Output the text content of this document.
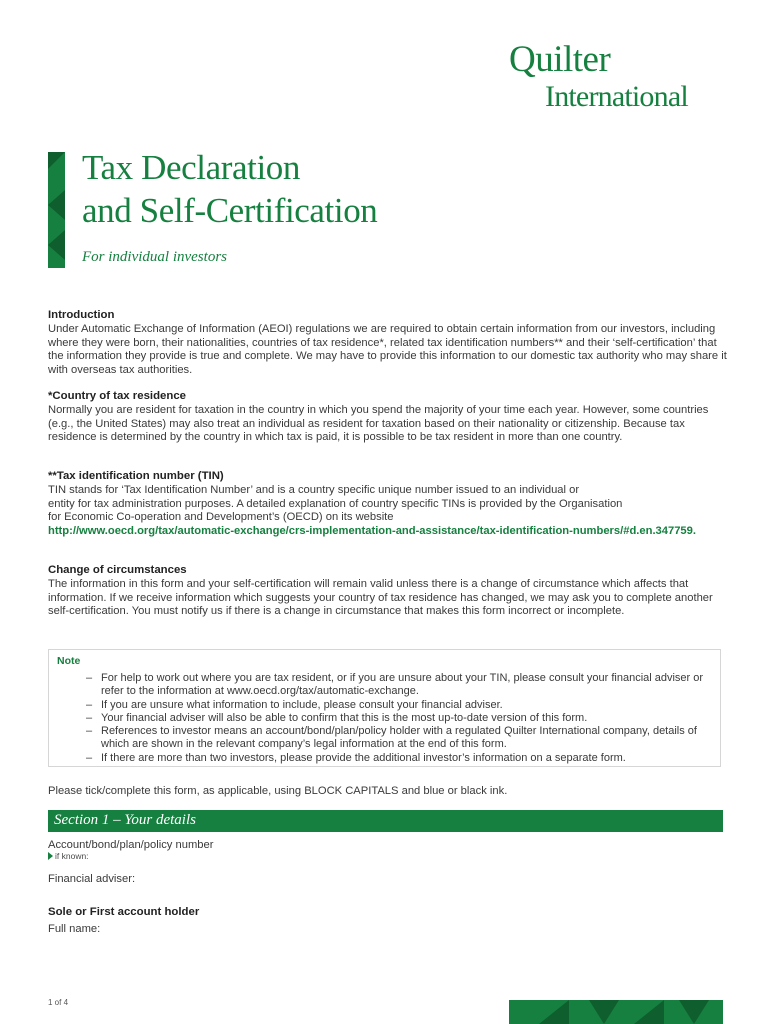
Quilter
International
Tax Declaration
and Self-Certification
For individual investors
Introduction

Under Automatic Exchange of Information (AEOI) regulations we are required to obtain certain information from our investors, including where they were born, their nationalities, countries of tax residence*, related tax identification numbers** and their ‘self-certification’ that the information they provide is true and complete. We may have to provide this information to our domestic tax authority who may share it with overseas tax authorities.

*Country of tax residence

Normally you are resident for taxation in the country in which you spend the majority of your time each year. However, some countries (e.g., the United States) may also treat an individual as resident for taxation based on their nationality or citizenship. Because tax residence is determined by the country in which tax is paid, it is possible to be tax resident in more than one country.

**Tax identification number (TIN)
TIN stands for ‘Tax Identification Number’ and is a country specific unique number issued to an individual or
entity for tax administration purposes. A detailed explanation of country specific TINs is provided by the Organisation
for Economic Co-operation and Development’s (OECD) on its website
http://www.oecd.org/tax/automatic-exchange/crs-implementation-and-assistance/tax-identification-numbers/#d.en.347759.
Change of circumstances

The information in this form and your self-certification will remain valid unless there is a change of circumstance which affects that information. If we receive information which suggests your country of tax residence has changed, we may ask you to complete another self-certification. You must notify us if there is a change in circumstance that makes this form incorrect or incomplete.

Note
– For help to work out where you are tax resident, or if you are unsure about your TIN, please consult your financial adviser or refer to the information at www.oecd.org/tax/automatic-exchange.
– If you are unsure what information to include, please consult your financial adviser.
– Your financial adviser will also be able to confirm that this is the most up-to-date version of this form.
– References to investor means an account/bond/plan/policy holder with a regulated Quilter International company, details of which are shown in the relevant company’s legal information at the end of this form.
– If there are more than two investors, please provide the additional investor’s information on a separate form.
Please tick/complete this form, as applicable, using BLOCK CAPITALS and blue or black ink.
Section 1 – Your details
Account/bond/plan/policy number
if known:
Financial adviser:
Sole or First account holder
Full name:
1 of 4
